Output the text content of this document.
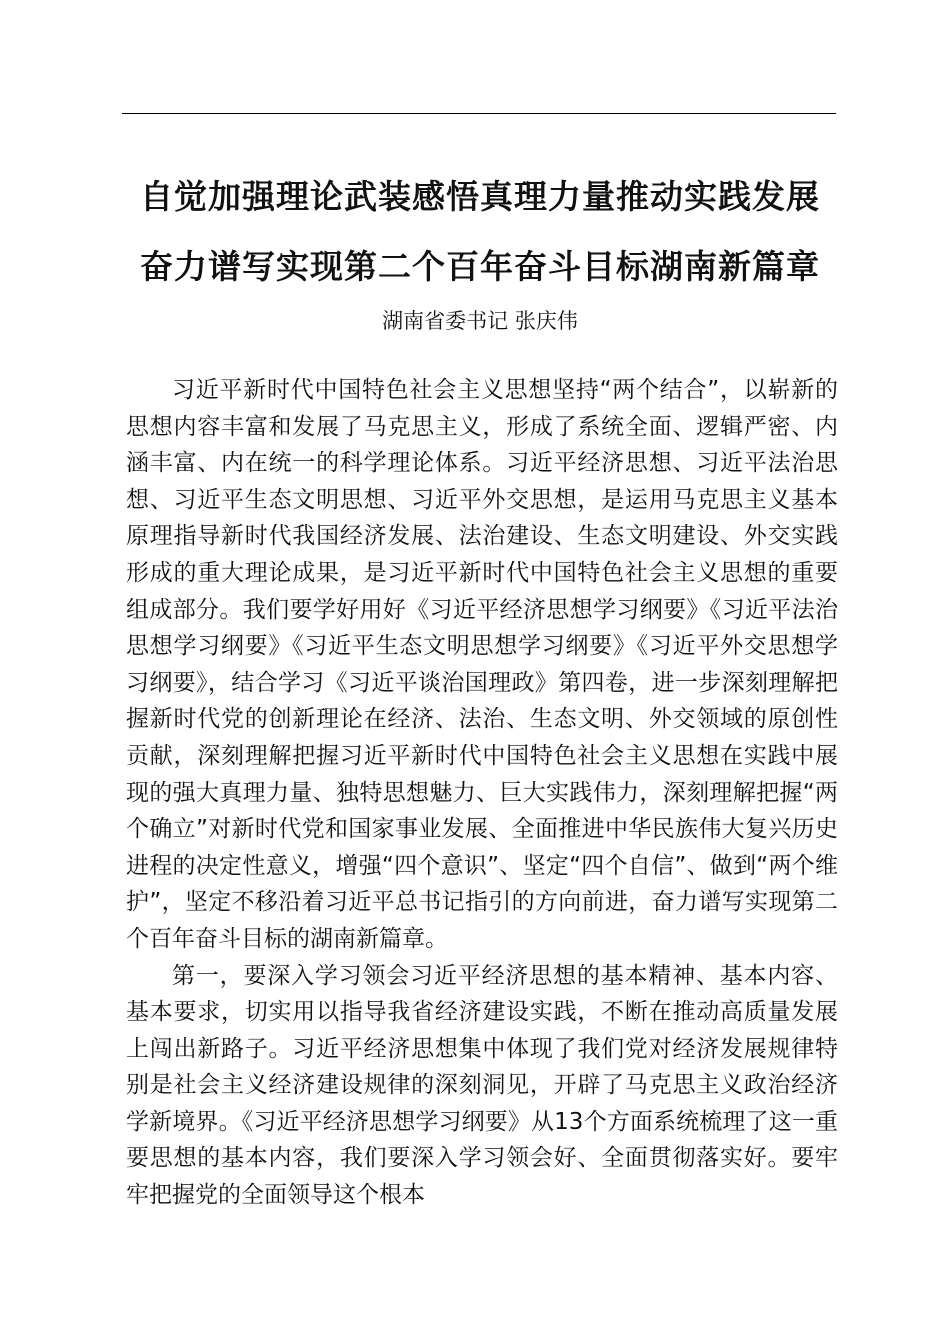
自觉加强理论武装感悟真理力量推动实践发展
奋力谱写实现第二个百年奋斗目标湖南新篇章
湖南省委书记 张庆伟

习近平新时代中国特色社会主义思想坚持“两个结合”，以崭新的思想内容丰富和发展了马克思主义，形成了系统全面、逻辑严密、内涵丰富、内在统一的科学理论体系。习近平经济思想、习近平法治思想、习近平生态文明思想、习近平外交思想，是运用马克思主义基本原理指导新时代我国经济发展、法治建设、生态文明建设、外交实践形成的重大理论成果，是习近平新时代中国特色社会主义思想的重要组成部分。我们要学好用好《习近平经济思想学习纲要》《习近平法治思想学习纲要》《习近平生态文明思想学习纲要》《习近平外交思想学习纲要》，结合学习《习近平谈治国理政》第四卷，进一步深刻理解把握新时代党的创新理论在经济、法治、生态文明、外交领域的原创性贡献，深刻理解把握习近平新时代中国特色社会主义思想在实践中展现的强大真理力量、独特思想魅力、巨大实践伟力，深刻理解把握“两个确立”对新时代党和国家事业发展、全面推进中华民族伟大复兴历史进程的决定性意义，增强“四个意识”、坚定“四个自信”、做到“两个维护”，坚定不移沿着习近平总书记指引的方向前进，奋力谱写实现第二个百年奋斗目标的湖南新篇章。

第一，要深入学习领会习近平经济思想的基本精神、基本内容、基本要求，切实用以指导我省经济建设实践，不断在推动高质量发展上闯出新路子。习近平经济思想集中体现了我们党对经济发展规律特别是社会主义经济建设规律的深刻洞见，开辟了马克思主义政治经济学新境界。《习近平经济思想学习纲要》从13个方面系统梳理了这一重要思想的基本内容，我们要深入学习领会好、全面贯彻落实好。要牢牢把握党的全面领导这个根本
